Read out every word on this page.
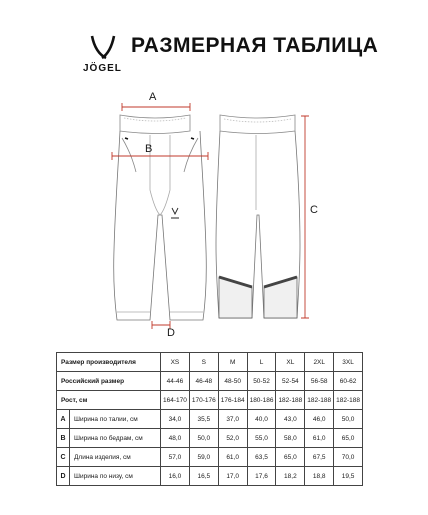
JÖGEL
РАЗМЕРНАЯ ТАБЛИЦА
A
B
C
D
Размер производителя		XS	S	M	L	XL	2XL	3XL
Российский размер		44-46	46-48	48-50	50-52	52-54	56-58	60-62
Рост, см		164-170	170-176	176-184	180-186	182-188	182-188	182-188
A	Ширина по талии, см	34,0	35,5	37,0	40,0	43,0	46,0	50,0
B	Ширина по бедрам, см	48,0	50,0	52,0	55,0	58,0	61,0	65,0
C	Длина изделия, см	57,0	59,0	61,0	63,5	65,0	67,5	70,0
D	Ширина по низу, см	16,0	16,5	17,0	17,6	18,2	18,8	19,5
